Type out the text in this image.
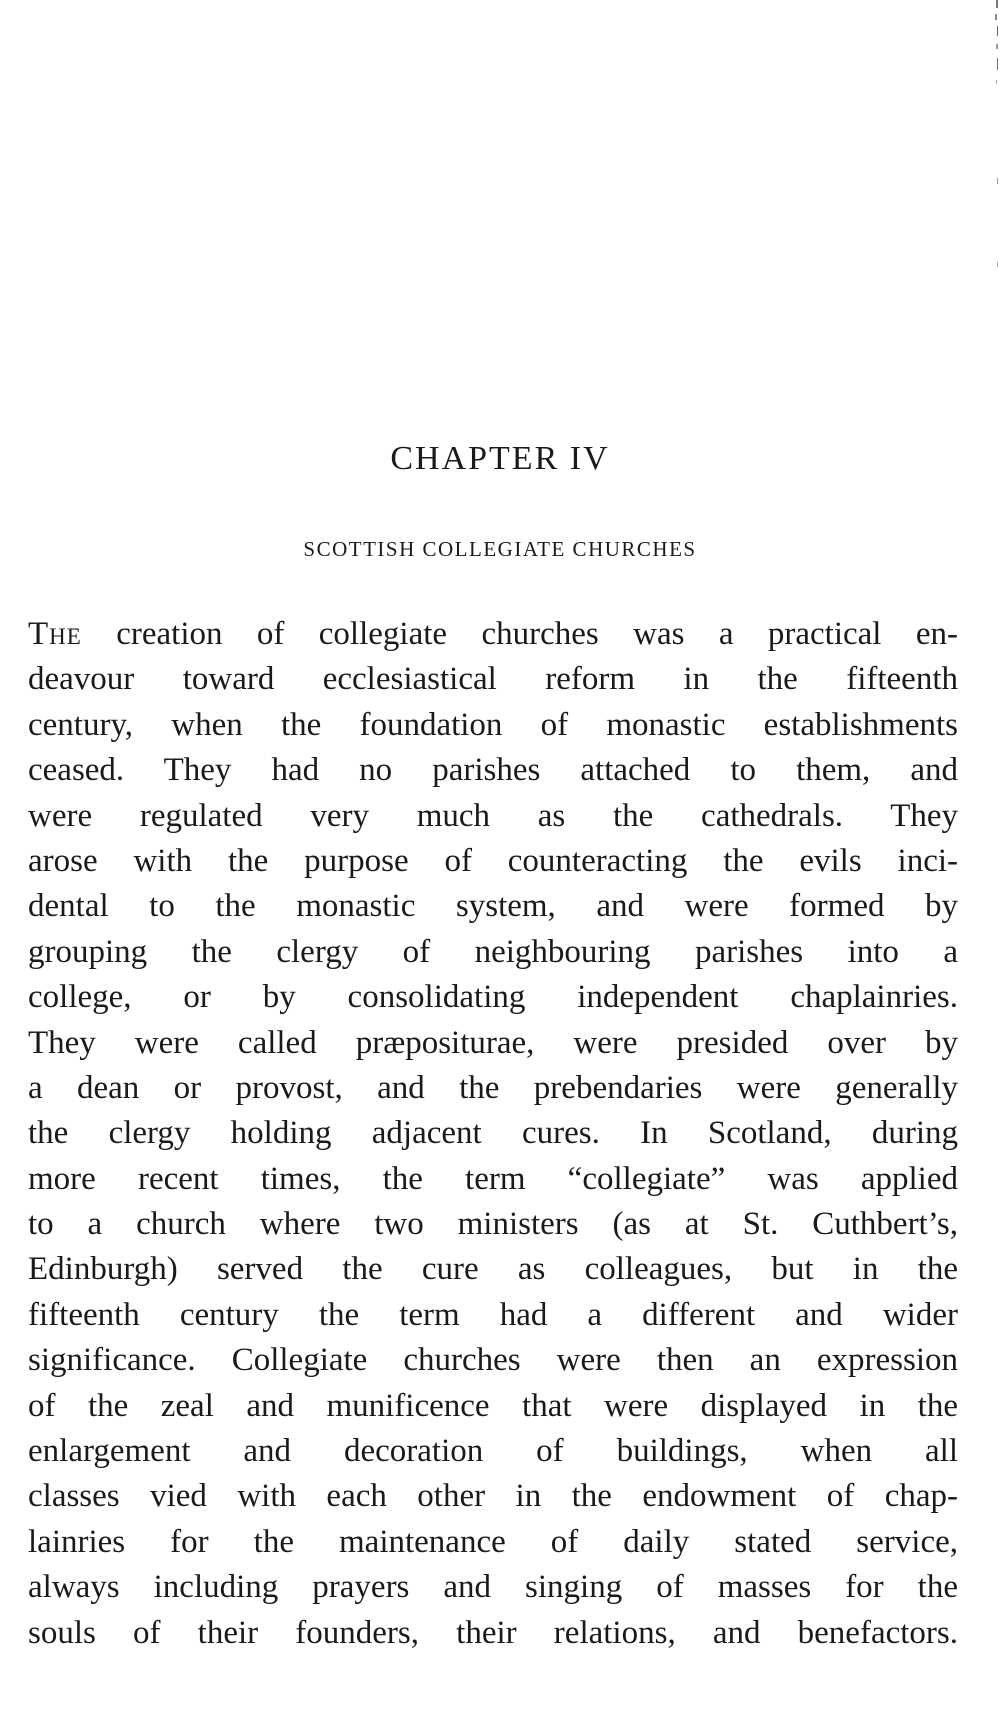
CHAPTER IV
SCOTTISH COLLEGIATE CHURCHES
The creation of collegiate churches was a practical en-
deavour toward ecclesiastical reform in the fifteenth
century, when the foundation of monastic establishments
ceased. They had no parishes attached to them, and
were regulated very much as the cathedrals. They
arose with the purpose of counteracting the evils inci-
dental to the monastic system, and were formed by
grouping the clergy of neighbouring parishes into a
college, or by consolidating independent chaplainries.
They were called præpositurae, were presided over by
a dean or provost, and the prebendaries were generally
the clergy holding adjacent cures. In Scotland, during
more recent times, the term “collegiate” was applied
to a church where two ministers (as at St. Cuthbert’s,
Edinburgh) served the cure as colleagues, but in the
fifteenth century the term had a different and wider
significance. Collegiate churches were then an expression
of the zeal and munificence that were displayed in the
enlargement and decoration of buildings, when all
classes vied with each other in the endowment of chap-
lainries for the maintenance of daily stated service,
always including prayers and singing of masses for the
souls of their founders, their relations, and benefactors.
